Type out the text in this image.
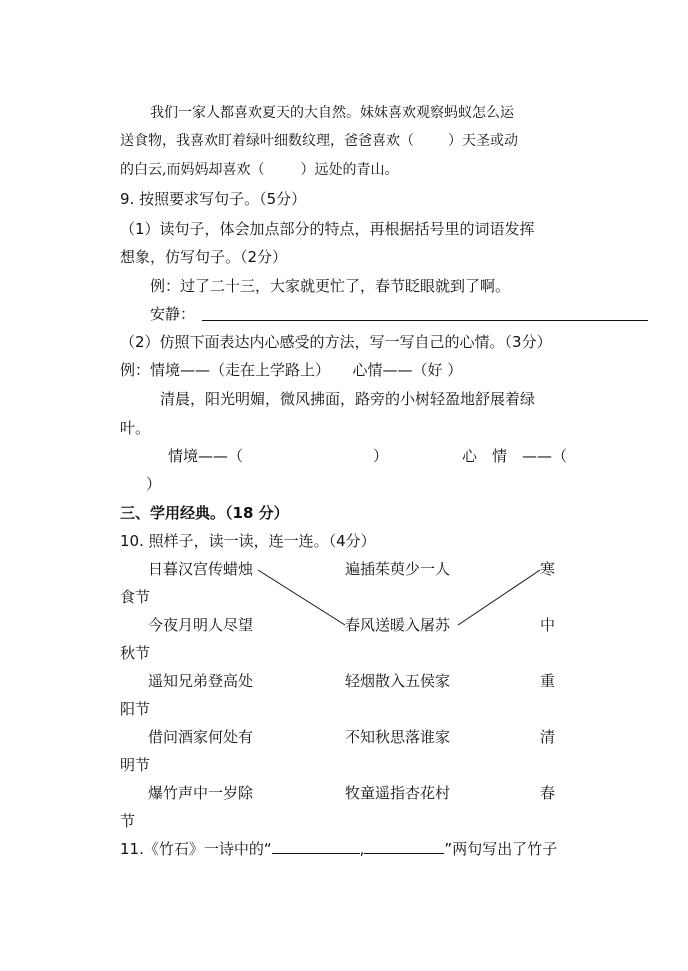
我们一家人都喜欢夏天的大自然。妹妹喜欢观察蚂蚁怎么运
送食物，我喜欢盯着绿叶细数纹理，爸爸喜欢（ ）天圣或动
的白云,而妈妈却喜欢（	）远处的青山。
9. 按照要求写句子。（5分）
（1）读句子，体会加点部分的特点，再根据括号里的词语发挥
想象，仿写句子。（2分）
例：过了二十三，大家就更忙了，春节眨眼就到了啊。
安静：
（2）仿照下面表达内心感受的方法，写一写自己的心情。（3分）
例：情境——（走在上学路上）　　心情——（好 ）
清晨，阳光明媚，微风拂面，路旁的小树轻盈地舒展着绿
叶。
情境——（	）	心　情　——（
）
三、学用经典。（18 分）
10. 照样子，读一读，连一连。（4分）
日暮汉宫传蜡烛	遍插茱萸少一人	寒
食节
今夜月明人尽望	春风送暖入屠苏	中
秋节
遥知兄弟登高处	轻烟散入五侯家	重
阳节
借问酒家何处有	不知秋思落谁家	清
明节
爆竹声中一岁除	牧童遥指杏花村	春
节
11.《竹石》一诗中的“	,	”两句写出了竹子
